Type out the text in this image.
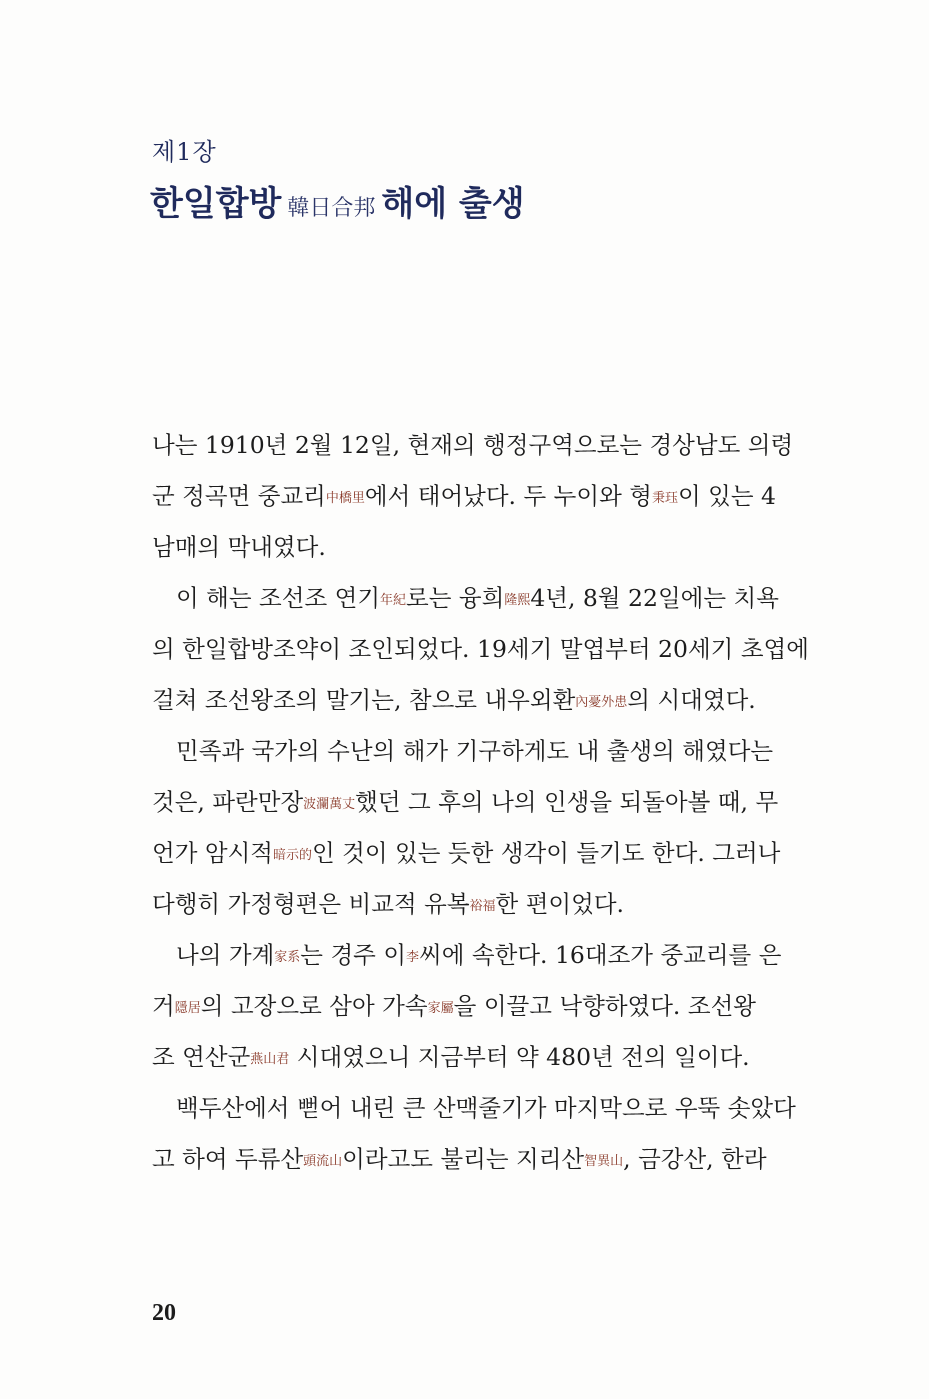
제1장
한일합방 韓日合邦 해에 출생
나는 1910년 2월 12일, 현재의 행정구역으로는 경상남도 의령
군 정곡면 중교리中橋里에서 태어났다. 두 누이와 형秉珏이 있는 4
남매의 막내였다.
이 해는 조선조 연기年紀로는 융희隆熙4년, 8월 22일에는 치욕
의 한일합방조약이 조인되었다. 19세기 말엽부터 20세기 초엽에
걸쳐 조선왕조의 말기는, 참으로 내우외환內憂外患의 시대였다.
민족과 국가의 수난의 해가 기구하게도 내 출생의 해였다는
것은, 파란만장波瀾萬丈했던 그 후의 나의 인생을 되돌아볼 때, 무
언가 암시적暗示的인 것이 있는 듯한 생각이 들기도 한다. 그러나
다행히 가정형편은 비교적 유복裕福한 편이었다.
나의 가계家系는 경주 이李씨에 속한다. 16대조가 중교리를 은
거隱居의 고장으로 삼아 가속家屬을 이끌고 낙향하였다. 조선왕
조 연산군燕山君 시대였으니 지금부터 약 480년 전의 일이다.
백두산에서 뻗어 내린 큰 산맥줄기가 마지막으로 우뚝 솟았다
고 하여 두류산頭流山이라고도 불리는 지리산智異山, 금강산, 한라
20
